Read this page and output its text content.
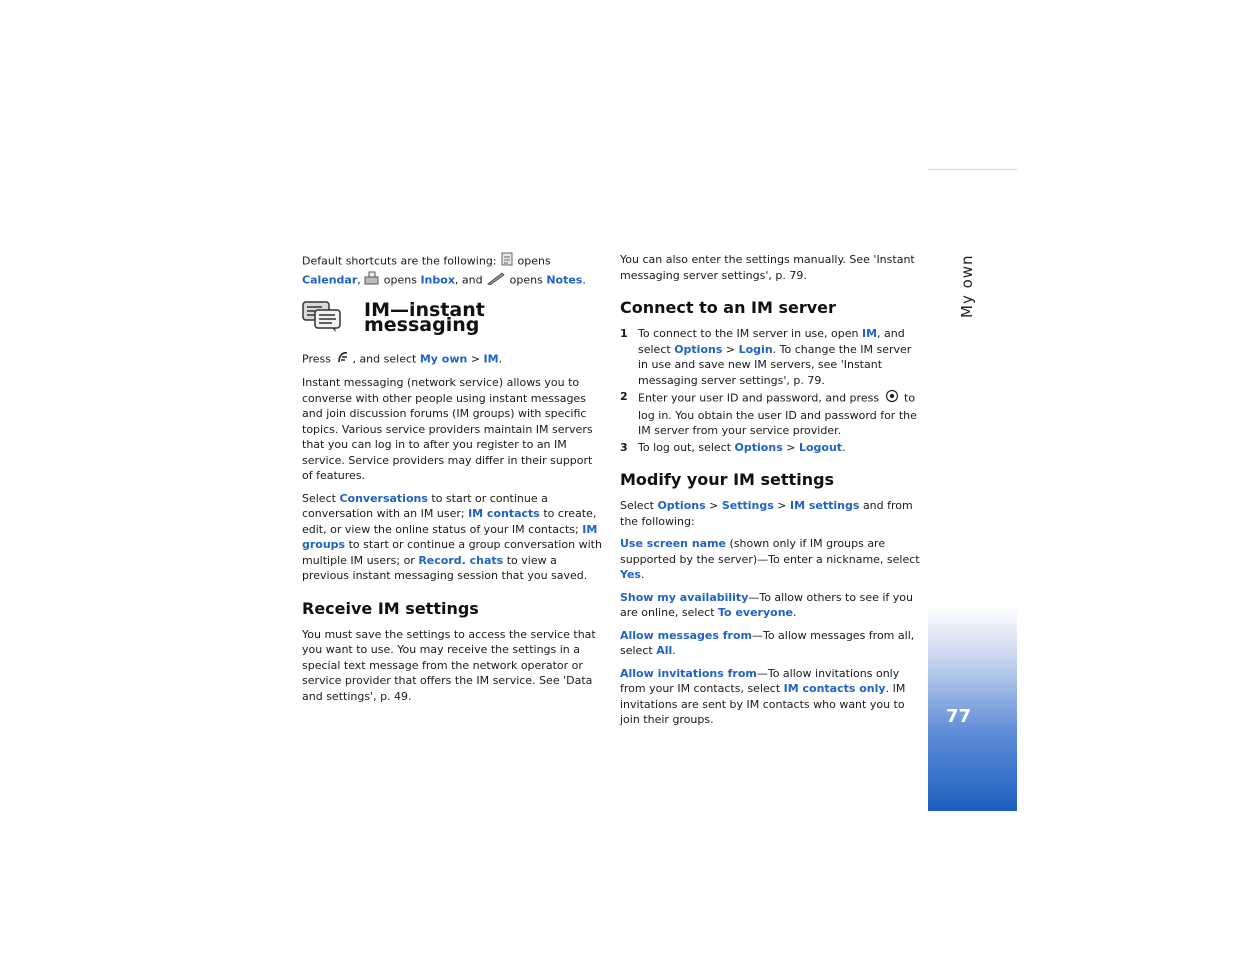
Default shortcuts are the following: opens Calendar, opens Inbox, and opens Notes.

IM—instant messaging

Press , and select My own > IM.

Instant messaging (network service) allows you to converse with other people using instant messages and join discussion forums (IM groups) with specific topics. Various service providers maintain IM servers that you can log in to after you register to an IM service. Service providers may differ in their support of features.

Select Conversations to start or continue a conversation with an IM user; IM contacts to create, edit, or view the online status of your IM contacts; IM groups to start or continue a group conversation with multiple IM users; or Record. chats to view a previous instant messaging session that you saved.

Receive IM settings

You must save the settings to access the service that you want to use. You may receive the settings in a special text message from the network operator or service provider that offers the IM service. See 'Data and settings', p. 49.

You can also enter the settings manually. See 'Instant messaging server settings', p. 79.

Connect to an IM server
1 To connect to the IM server in use, open IM, and select Options > Login. To change the IM server in use and save new IM servers, see 'Instant messaging server settings', p. 79.
2 Enter your user ID and password, and press to log in. You obtain the user ID and password for the IM server from your service provider.
3 To log out, select Options > Logout.
Modify your IM settings

Select Options > Settings > IM settings and from the following:

Use screen name (shown only if IM groups are supported by the server)—To enter a nickname, select Yes.

Show my availability—To allow others to see if you are online, select To everyone.

Allow messages from—To allow messages from all, select All.

Allow invitations from—To allow invitations only from your IM contacts, select IM contacts only. IM invitations are sent by IM contacts who want you to join their groups.

My own
77
